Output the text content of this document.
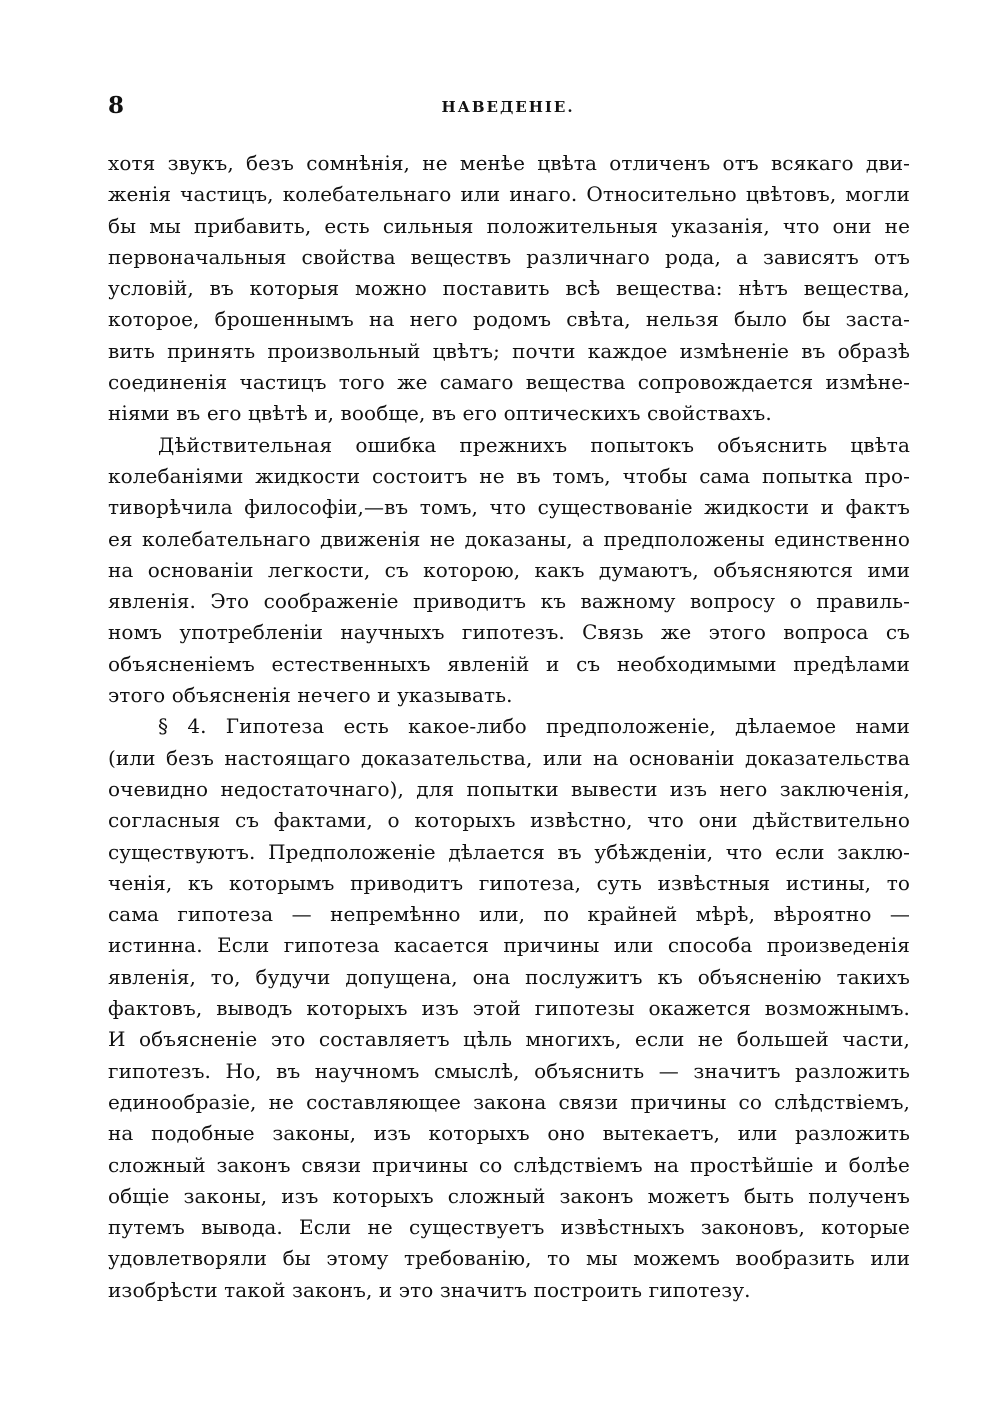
8	НАВЕДЕНІЕ.
хотя звукъ, безъ сомнѣнія, не менѣе цвѣта отличенъ отъ всякаго дви-
женія частицъ, колебательнаго или инаго. Относительно цвѣтовъ, могли
бы мы прибавить, есть сильныя положительныя указанія, что они не
первоначальныя свойства веществъ различнаго рода, а зависятъ отъ
условій, въ которыя можно поставить всѣ вещества: нѣтъ вещества,
которое, брошеннымъ на него родомъ свѣта, нельзя было бы заста-
вить принять произвольный цвѣтъ; почти каждое измѣненіе въ образѣ
соединенія частицъ того же самаго вещества сопровождается измѣне-
ніями въ его цвѣтѣ и, вообще, въ его оптическихъ свойствахъ.
Дѣйствительная ошибка прежнихъ попытокъ объяснить цвѣта
колебаніями жидкости состоитъ не въ томъ, чтобы сама попытка про-
тиворѣчила философіи,—въ томъ, что существованіе жидкости и фактъ
ея колебательнаго движенія не доказаны, а предположены единственно
на основаніи легкости, съ которою, какъ думаютъ, объясняются ими
явленія. Это соображеніе приводитъ къ важному вопросу о правиль-
номъ употребленіи научныхъ гипотезъ. Связь же этого вопроса съ
объясненіемъ естественныхъ явленій и съ необходимыми предѣлами
этого объясненія нечего и указывать.
§ 4. Гипотеза есть какое-либо предположеніе, дѣлаемое нами
(или безъ настоящаго доказательства, или на основаніи доказательства
очевидно недостаточнаго), для попытки вывести изъ него заключенія,
согласныя съ фактами, о которыхъ извѣстно, что они дѣйствительно
существуютъ. Предположеніе дѣлается въ убѣжденіи, что если заклю-
ченія, къ которымъ приводитъ гипотеза, суть извѣстныя истины, то
сама гипотеза — непремѣнно или, по крайней мѣрѣ, вѣроятно —
истинна. Если гипотеза касается причины или способа произведенія
явленія, то, будучи допущена, она послужитъ къ объясненію такихъ
фактовъ, выводъ которыхъ изъ этой гипотезы окажется возможнымъ.
И объясненіе это составляетъ цѣль многихъ, если не большей части,
гипотезъ. Но, въ научномъ смыслѣ, объяснить — значитъ разложить
единообразіе, не составляющее закона связи причины со слѣдствіемъ,
на подобные законы, изъ которыхъ оно вытекаетъ, или разложить
сложный законъ связи причины со слѣдствіемъ на простѣйшіе и болѣе
общіе законы, изъ которыхъ сложный законъ можетъ быть полученъ
путемъ вывода. Если не существуетъ извѣстныхъ законовъ, которые
удовлетворяли бы этому требованію, то мы можемъ вообразить или
изобрѣсти такой законъ, и это значитъ построить гипотезу.
